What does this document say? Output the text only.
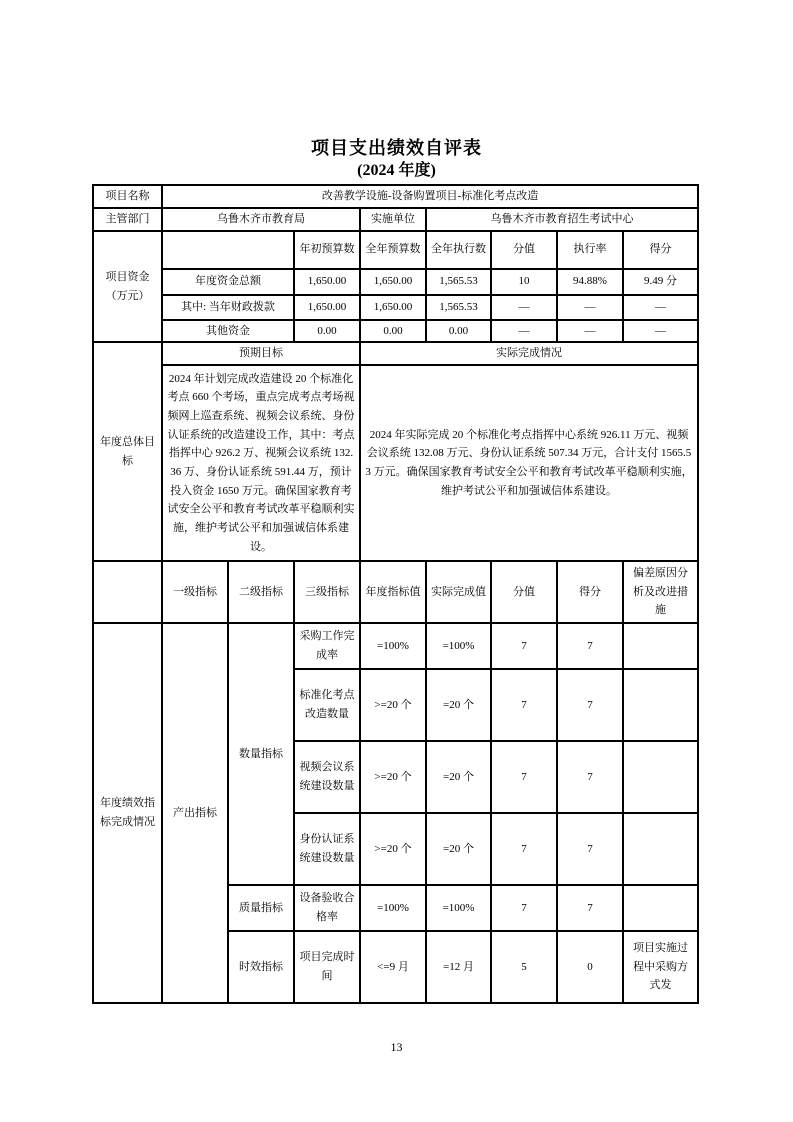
项目支出绩效自评表
(2024 年度)
项目名称	改善教学设施-设备购置项目-标准化考点改造							
主管部门	乌鲁木齐市教育局			实施单位	乌鲁木齐市教育招生考试中心			
项目资金（万元）			年初预算数	全年预算数	全年执行数	分值	执行率	得分
	年度资金总额		1,650.00	1,650.00	1,565.53	10	94.88%	9.49 分
	其中: 当年财政拨款		1,650.00	1,650.00	1,565.53	—	—	—
	其他资金		0.00	0.00	0.00	—	—	—
年度总体目标	预期目标			实际完成情况				
	2024 年计划完成改造建设 20 个标准化考点 660 个考场，重点完成考点考场视频网上巡查系统、视频会议系统、身份认证系统的改造建设工作，其中：考点指挥中心 926.2 万、视频会议系统 132.36 万、身份认证系统 591.44 万，预计投入资金 1650 万元。确保国家教育考试安全公平和教育考试改革平稳顺利实施，维护考试公平和加强诚信体系建设。			2024 年实际完成 20 个标准化考点指挥中心系统 926.11 万元、视频会议系统 132.08 万元、身份认证系统 507.34 万元，合计支付 1565.53 万元。确保国家教育考试安全公平和教育考试改革平稳顺利实施，维护考试公平和加强诚信体系建设。				
	一级指标	二级指标	三级指标	年度指标值	实际完成值	分值	得分	偏差原因分析及改进措施
年度绩效指标完成情况	产出指标	数量指标	采购工作完成率	=100%	=100%	7	7	
			标准化考点改造数量	>=20 个	=20 个	7	7	
			视频会议系统建设数量	>=20 个	=20 个	7	7	
			身份认证系统建设数量	>=20 个	=20 个	7	7	
		质量指标	设备验收合格率	=100%	=100%	7	7	
		时效指标	项目完成时间	<=9 月	=12 月	5	0	项目实施过程中采购方式发
13
